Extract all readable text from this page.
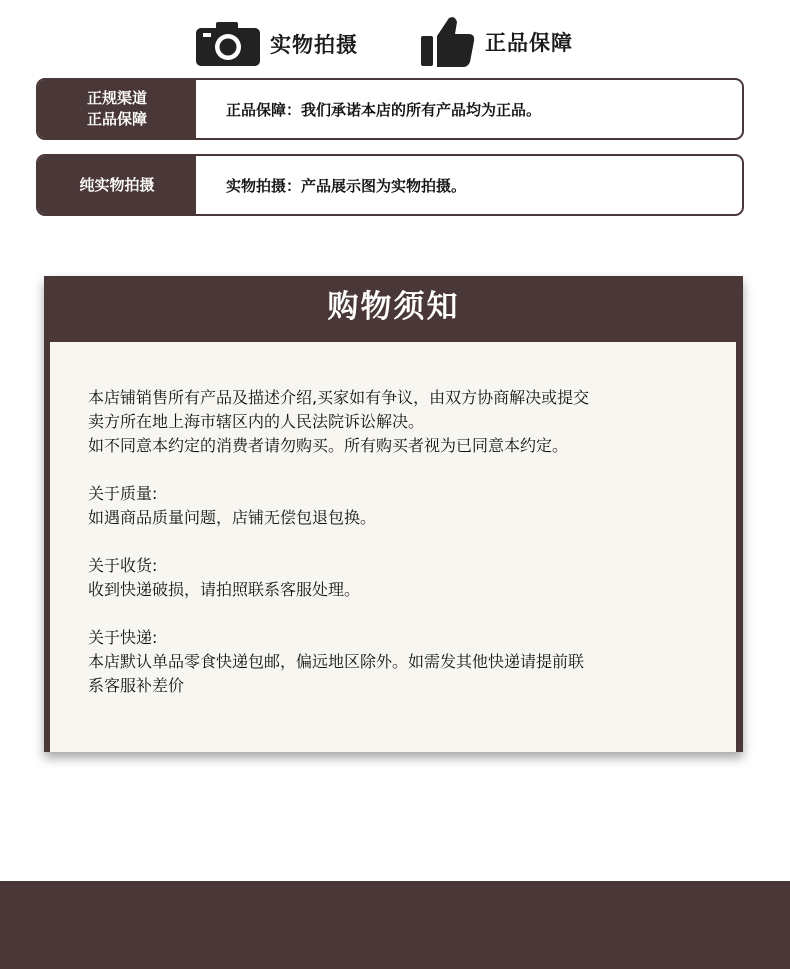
实物拍摄	正品保障
正规渠道
正品保障
正品保障：我们承诺本店的所有产品均为正品。
纯实物拍摄	实物拍摄：产品展示图为实物拍摄。
购物须知

本店铺销售所有产品及描述介绍,买家如有争议，由双方协商解决或提交

卖方所在地上海市辖区内的人民法院诉讼解决。

如不同意本约定的消费者请勿购买。所有购买者视为已同意本约定。

关于质量:

如遇商品质量问题，店铺无偿包退包换。

关于收货:

收到快递破损，请拍照联系客服处理。

关于快递:

本店默认单品零食快递包邮，偏远地区除外。如需发其他快递请提前联

系客服补差价
